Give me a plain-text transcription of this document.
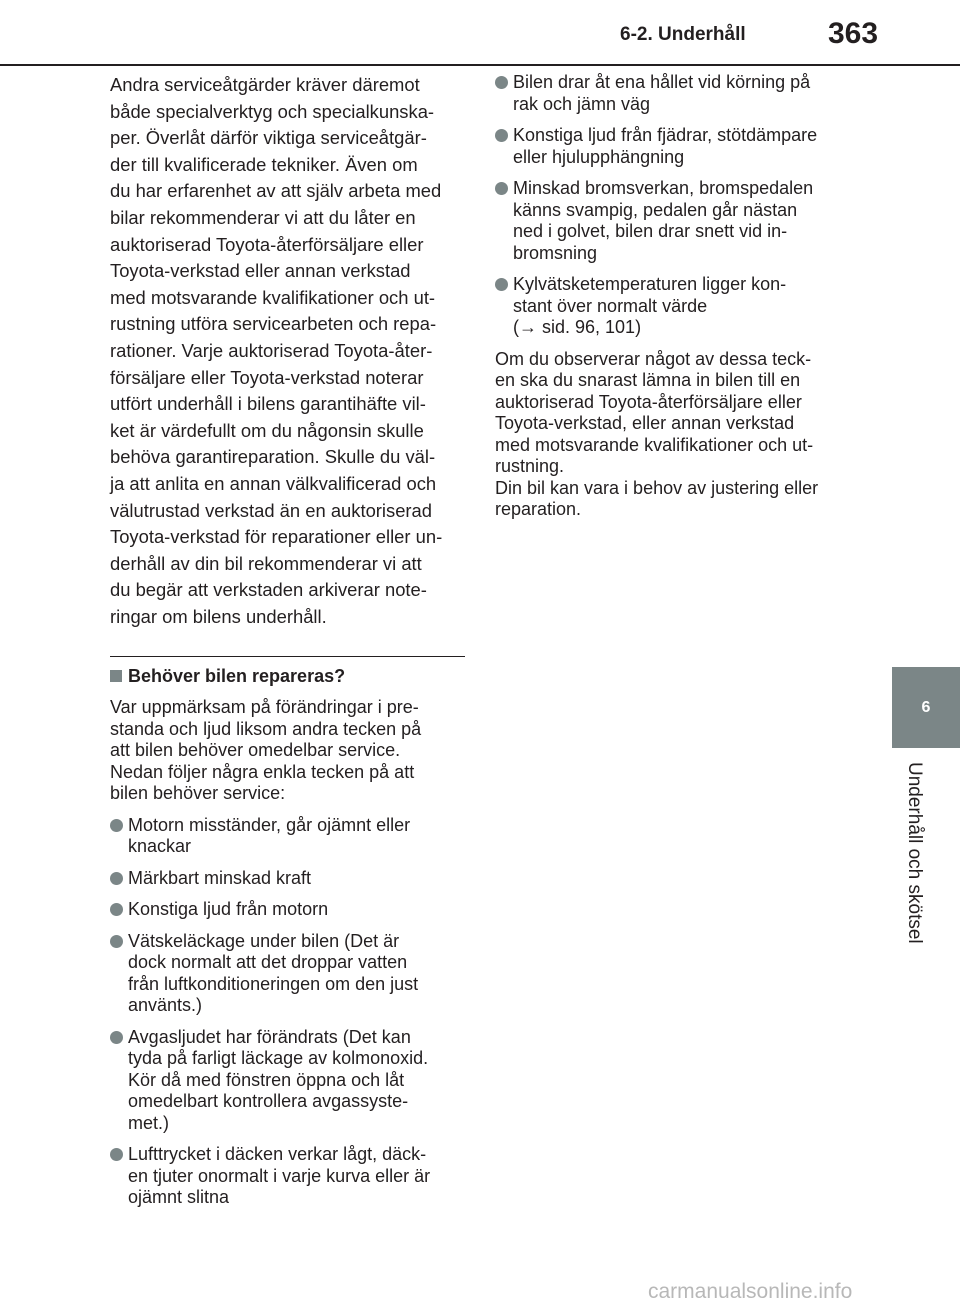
6-2. Underhåll	363
6
Underhåll och skötsel
Andra serviceåtgärder kräver däremot
både specialverktyg och specialkunska-
per. Överlåt därför viktiga serviceåtgär-
der till kvalificerade tekniker. Även om
du har erfarenhet av att själv arbeta med
bilar rekommenderar vi att du låter en
auktoriserad Toyota-återförsäljare eller
Toyota-verkstad eller annan verkstad
med motsvarande kvalifikationer och ut-
rustning utföra servicearbeten och repa-
rationer. Varje auktoriserad Toyota-åter-
försäljare eller Toyota-verkstad noterar
utfört underhåll i bilens garantihäfte vil-
ket är värdefullt om du någonsin skulle
behöva garantireparation. Skulle du väl-
ja att anlita en annan välkvalificerad och
välutrustad verkstad än en auktoriserad
Toyota-verkstad för reparationer eller un-
derhåll av din bil rekommenderar vi att
du begär att verkstaden arkiverar note-
ringar om bilens underhåll.
Behöver bilen repareras?
Var uppmärksam på förändringar i pre-
standa och ljud liksom andra tecken på
att bilen behöver omedelbar service.
Nedan följer några enkla tecken på att
bilen behöver service:
Motorn misständer, går ojämnt eller
knackar
Märkbart minskad kraft
Konstiga ljud från motorn
Vätskeläckage under bilen (Det är
dock normalt att det droppar vatten
från luftkonditioneringen om den just
använts.)
Avgasljudet har förändrats (Det kan
tyda på farligt läckage av kolmonoxid.
Kör då med fönstren öppna och låt
omedelbart kontrollera avgassyste-
met.)
Lufttrycket i däcken verkar lågt, däck-
en tjuter onormalt i varje kurva eller är
ojämnt slitna
Bilen drar åt ena hållet vid körning på
rak och jämn väg
Konstiga ljud från fjädrar, stötdämpare
eller hjulupphängning
Minskad bromsverkan, bromspedalen
känns svampig, pedalen går nästan
ned i golvet, bilen drar snett vid in-
bromsning
Kylvätsketemperaturen ligger kon-
stant över normalt värde
(→ sid. 96, 101)
Om du observerar något av dessa teck-
en ska du snarast lämna in bilen till en
auktoriserad Toyota-återförsäljare eller
Toyota-verkstad, eller annan verkstad
med motsvarande kvalifikationer och ut-
rustning.
Din bil kan vara i behov av justering eller
reparation.
carmanualsonline.info
